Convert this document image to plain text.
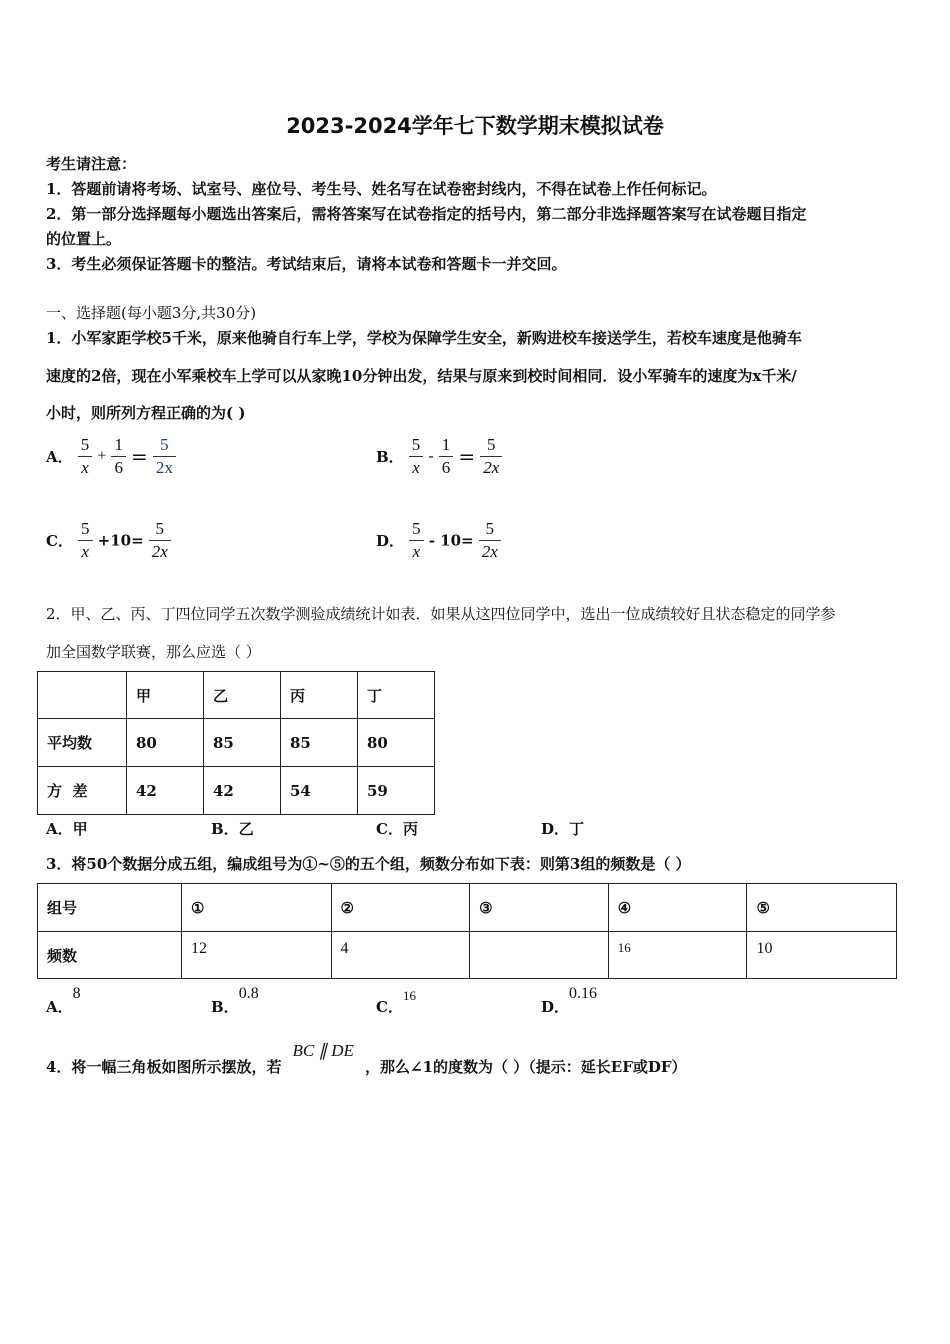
2023-2024学年七下数学期末模拟试卷
考生请注意：
1．答题前请将考场、试室号、座位号、考生号、姓名写在试卷密封线内，不得在试卷上作任何标记。
2．第一部分选择题每小题选出答案后，需将答案写在试卷指定的括号内，第二部分非选择题答案写在试卷题目指定
的位置上。
3．考生必须保证答题卡的整洁。考试结束后，请将本试卷和答题卡一并交回。
一、选择题(每小题3分,共30分)
1．小军家距学校5千米，原来他骑自行车上学，学校为保障学生安全，新购进校车接送学生，若校车速度是他骑车
速度的2倍，现在小军乘校车上学可以从家晚10分钟出发，结果与原来到校时间相同．设小军骑车的速度为x千米/
小时，则所列方程正确的为( )
A． $\frac{5}{x} + \frac{1}{6} = \frac{5}{2x}$	B． $\frac{5}{x} - \frac{1}{6} = \frac{5}{2x}$
C． $\frac{5}{x} +10= \frac{5}{2x}$	D． $\frac{5}{x} - 10= \frac{5}{2x}$
2．甲、乙、丙、丁四位同学五次数学测验成绩统计如表．如果从这四位同学中，选出一位成绩较好且状态稳定的同学参
加全国数学联赛，那么应选（ ）
	甲	乙	丙	丁
平均数	80	85	85	80
方  差	42	42	54	59
A．甲	B．乙	C．丙	D．丁
3．将50个数据分成五组，编成组号为①~⑤的五个组，频数分布如下表：则第3组的频数是（ ）
组号	①	②	③	④	⑤
频数	12	4		16	10
A．8
B．0.8
C．$^{16}$
D．0.16
4．将一幅三角板如图所示摆放，若 BC ∥ DE ，那么∠1的度数为（ ）（提示：延长EF或DF）
